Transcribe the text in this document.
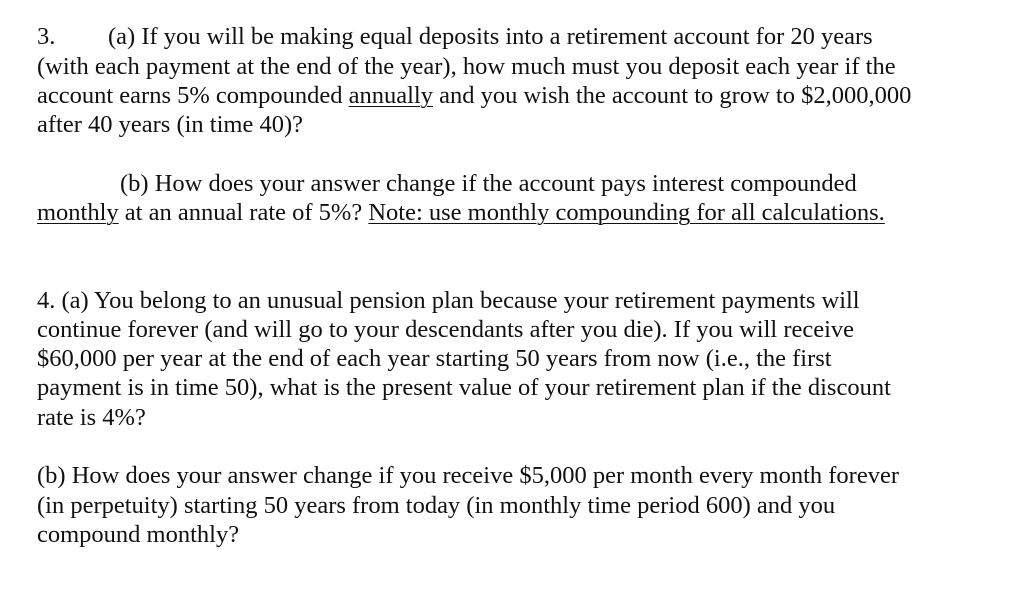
3. (a) If you will be making equal deposits into a retirement account for 20 years
(with each payment at the end of the year), how much must you deposit each year if the
account earns 5% compounded annually and you wish the account to grow to $2,000,000
after 40 years (in time 40)?
(b) How does your answer change if the account pays interest compounded
monthly at an annual rate of 5%? Note: use monthly compounding for all calculations.
4. (a) You belong to an unusual pension plan because your retirement payments will
continue forever (and will go to your descendants after you die). If you will receive
$60,000 per year at the end of each year starting 50 years from now (i.e., the first
payment is in time 50), what is the present value of your retirement plan if the discount
rate is 4%?
(b) How does your answer change if you receive $5,000 per month every month forever
(in perpetuity) starting 50 years from today (in monthly time period 600) and you
compound monthly?
